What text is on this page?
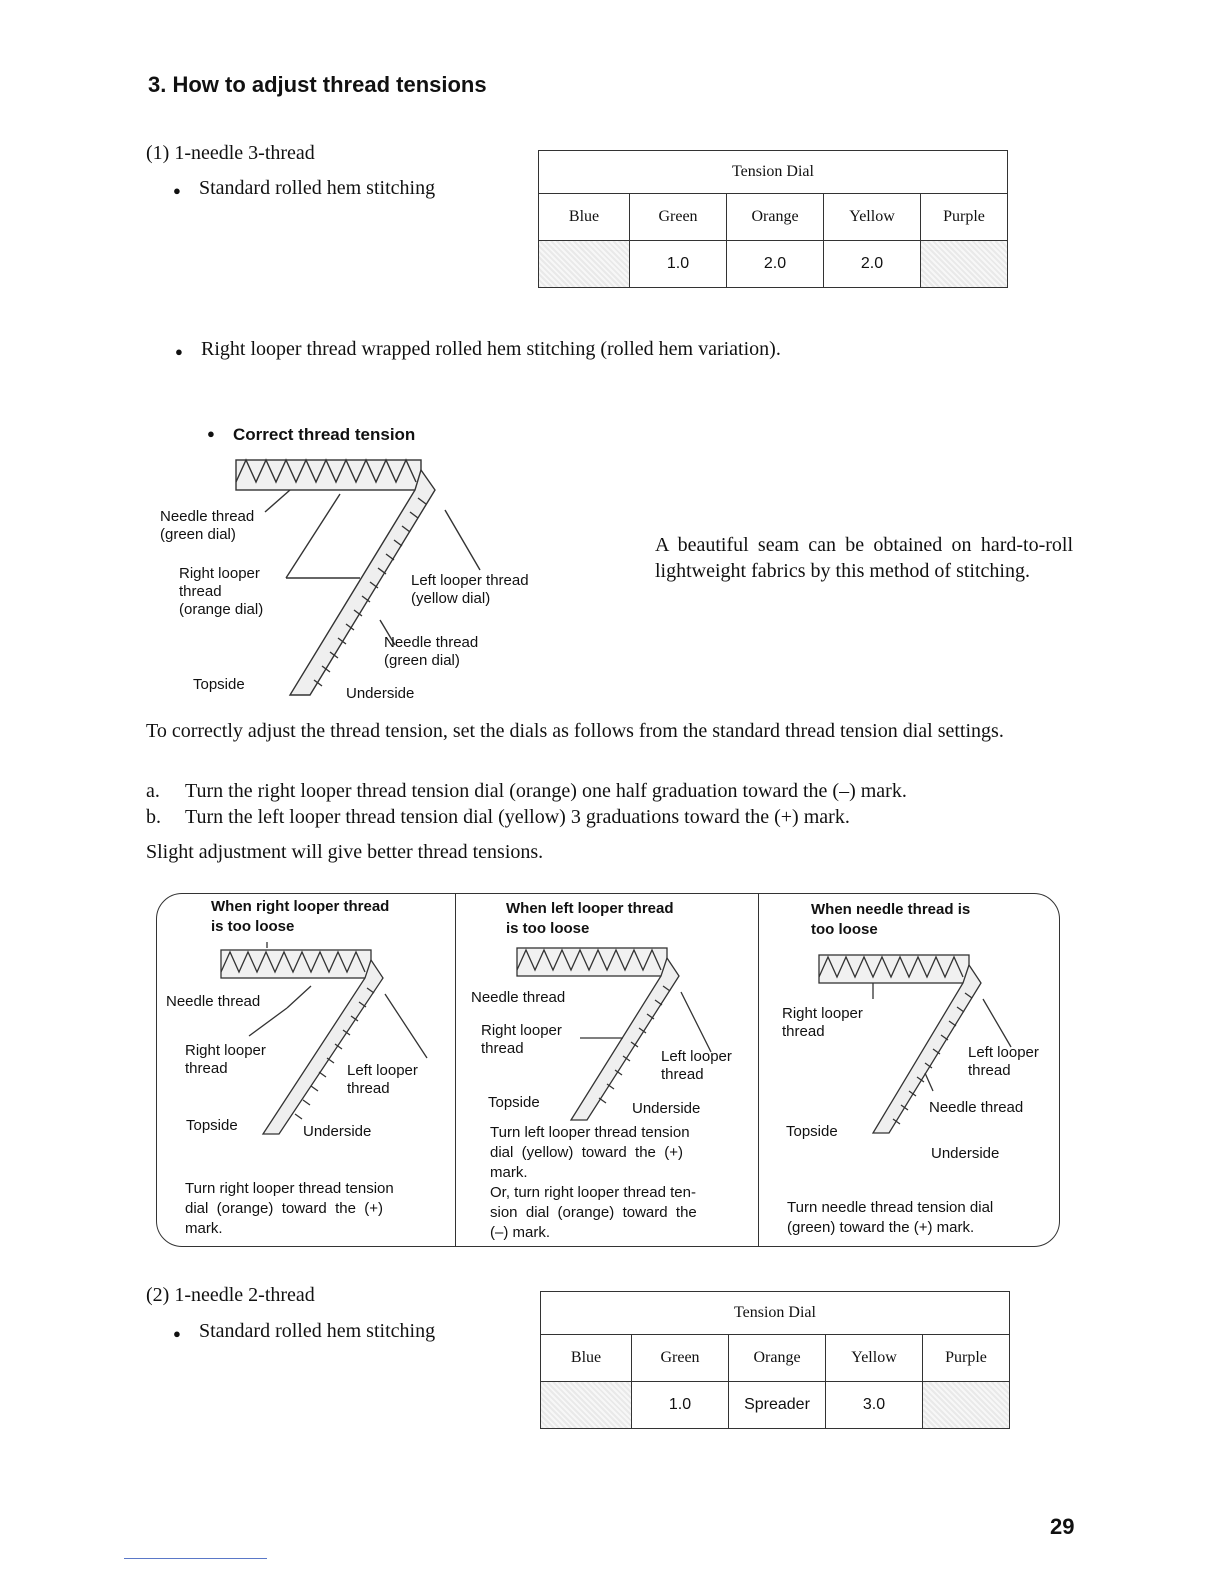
3. How to adjust thread tensions
(1) 1-needle 3-thread
● Standard rolled hem stitching
Tension Dial				
Blue	Green	Orange	Yellow	Purple
	1.0	2.0	2.0	
● Right looper thread wrapped rolled hem stitching (rolled hem variation).
● Correct thread tension
Needle thread
(green dial)
Right looper
thread
(orange dial)
Left looper thread
(yellow dial)
Needle thread
(green dial)
Topside
Underside
A beautiful seam can be obtained on hard-to-roll lightweight fabrics by this method of stitching.
To correctly adjust the thread tension, set the dials as follows from the standard thread tension dial settings.
a. Turn the right looper thread tension dial (orange) one half graduation toward the (–) mark.
b. Turn the left looper thread tension dial (yellow) 3 graduations toward the (+) mark.
Slight adjustment will give better thread tensions.
When right looper thread
is too loose
Needle thread
Right looper
thread	Left looper
thread
Topside	Underside
Turn right looper thread tension
dial  (orange)  toward  the  (+)
mark.
When left looper thread
is too loose
Needle thread
Right looper
thread	Left looper
thread
Topside	Underside
Turn left looper thread tension
dial  (yellow)  toward  the  (+)
mark.
Or, turn right looper thread ten-
sion  dial  (orange)  toward  the
(–) mark.
When needle thread is
too loose
Right looper
thread
Left looper
thread
Needle thread
Topside
Underside
Turn needle thread tension dial
(green) toward the (+) mark.
(2) 1-needle 2-thread
● Standard rolled hem stitching
Tension Dial				
Blue	Green	Orange	Yellow	Purple
	1.0	Spreader	3.0	
29
